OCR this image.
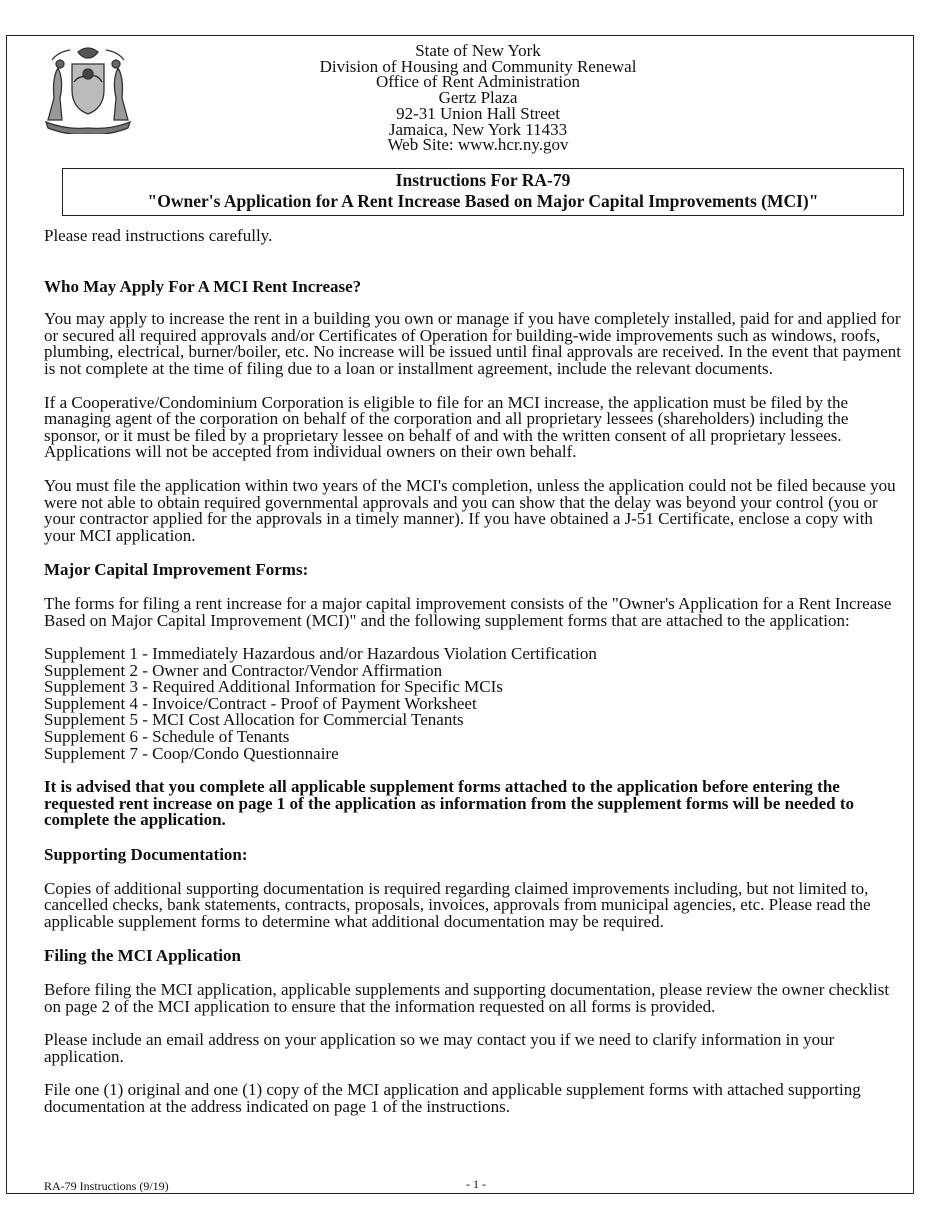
State of New York
Division of Housing and Community Renewal
Office of Rent Administration
Gertz Plaza
92-31 Union Hall Street
Jamaica, New York 11433
Web Site: www.hcr.ny.gov
Instructions For RA-79
"Owner's Application for A Rent Increase Based on Major Capital Improvements (MCI)"

Please read instructions carefully.

Who May Apply For A MCI Rent Increase?

You may apply to increase the rent in a building you own or manage if you have completely installed, paid for and applied for or secured all required approvals and/or Certificates of Operation for building-wide improvements such as windows, roofs, plumbing, electrical, burner/boiler, etc. No increase will be issued until final approvals are received. In the event that payment is not complete at the time of filing due to a loan or installment agreement, include the relevant documents.

If a Cooperative/Condominium Corporation is eligible to file for an MCI increase, the application must be filed by the managing agent of the corporation on behalf of the corporation and all proprietary lessees (shareholders) including the sponsor, or it must be filed by a proprietary lessee on behalf of and with the written consent of all proprietary lessees. Applications will not be accepted from individual owners on their own behalf.

You must file the application within two years of the MCI's completion, unless the application could not be filed because you were not able to obtain required governmental approvals and you can show that the delay was beyond your control (you or your contractor applied for the approvals in a timely manner). If you have obtained a J-51 Certificate, enclose a copy with your MCI application.

Major Capital Improvement Forms:

The forms for filing a rent increase for a major capital improvement consists of the "Owner's Application for a Rent Increase Based on Major Capital Improvement (MCI)" and the following supplement forms that are attached to the application:

Supplement 1 - Immediately Hazardous and/or Hazardous Violation Certification
Supplement 2 - Owner and Contractor/Vendor Affirmation
Supplement 3 - Required Additional Information for Specific MCIs
Supplement 4 - Invoice/Contract - Proof of Payment Worksheet
Supplement 5 - MCI Cost Allocation for Commercial Tenants
Supplement 6 - Schedule of Tenants
Supplement 7 - Coop/Condo Questionnaire

It is advised that you complete all applicable supplement forms attached to the application before entering the requested rent increase on page 1 of the application as information from the supplement forms will be needed to complete the application.

Supporting Documentation:

Copies of additional supporting documentation is required regarding claimed improvements including, but not limited to, cancelled checks, bank statements, contracts, proposals, invoices, approvals from municipal agencies, etc. Please read the applicable supplement forms to determine what additional documentation may be required.

Filing the MCI Application

Before filing the MCI application, applicable supplements and supporting documentation, please review the owner checklist on page 2 of the MCI application to ensure that the information requested on all forms is provided.

Please include an email address on your application so we may contact you if we need to clarify information in your application.

File one (1) original and one (1) copy of the MCI application and applicable supplement forms with attached supporting documentation at the address indicated on page 1 of the instructions.

RA-79 Instructions (9/19)	- 1 -
